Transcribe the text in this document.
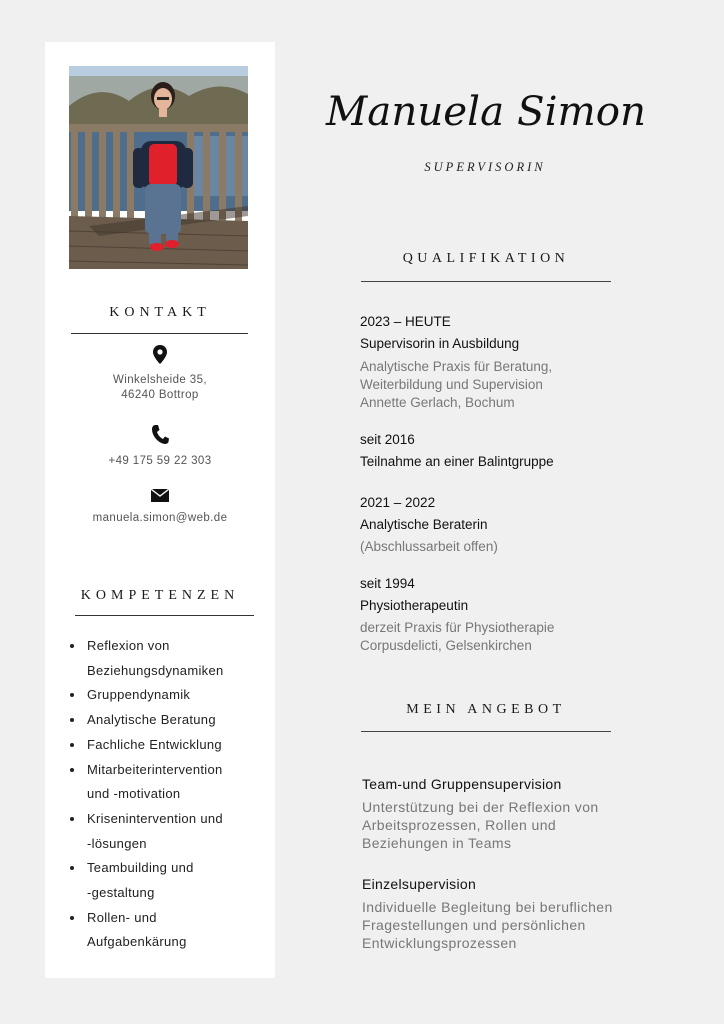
KONTAKT
Winkelsheide 35,
46240 Bottrop
+49 175 59 22 303
manuela.simon@web.de
KOMPETENZEN
• Reflexion von
Beziehungsdynamiken
• Gruppendynamik
• Analytische Beratung
• Fachliche Entwicklung
• Mitarbeiterintervention
und -motivation
• Krisenintervention und
-lösungen
• Teambuilding und
-gestaltung
• Rollen- und
Aufgabenkärung
Manuela Simon
SUPERVISORIN
QUALIFIKATION
2023 – HEUTE
Supervisorin in Ausbildung
Analytische Praxis für Beratung,
Weiterbildung und Supervision
Annette Gerlach, Bochum
seit 2016
Teilnahme an einer Balintgruppe
2021 – 2022
Analytische Beraterin
(Abschlussarbeit offen)
seit 1994
Physiotherapeutin
derzeit Praxis für Physiotherapie
Corpusdelicti, Gelsenkirchen
MEIN ANGEBOT
Team-und Gruppensupervision
Unterstützung bei der Reflexion von
Arbeitsprozessen, Rollen und
Beziehungen in Teams
Einzelsupervision
Individuelle Begleitung bei beruflichen
Fragestellungen und persönlichen
Entwicklungsprozessen
